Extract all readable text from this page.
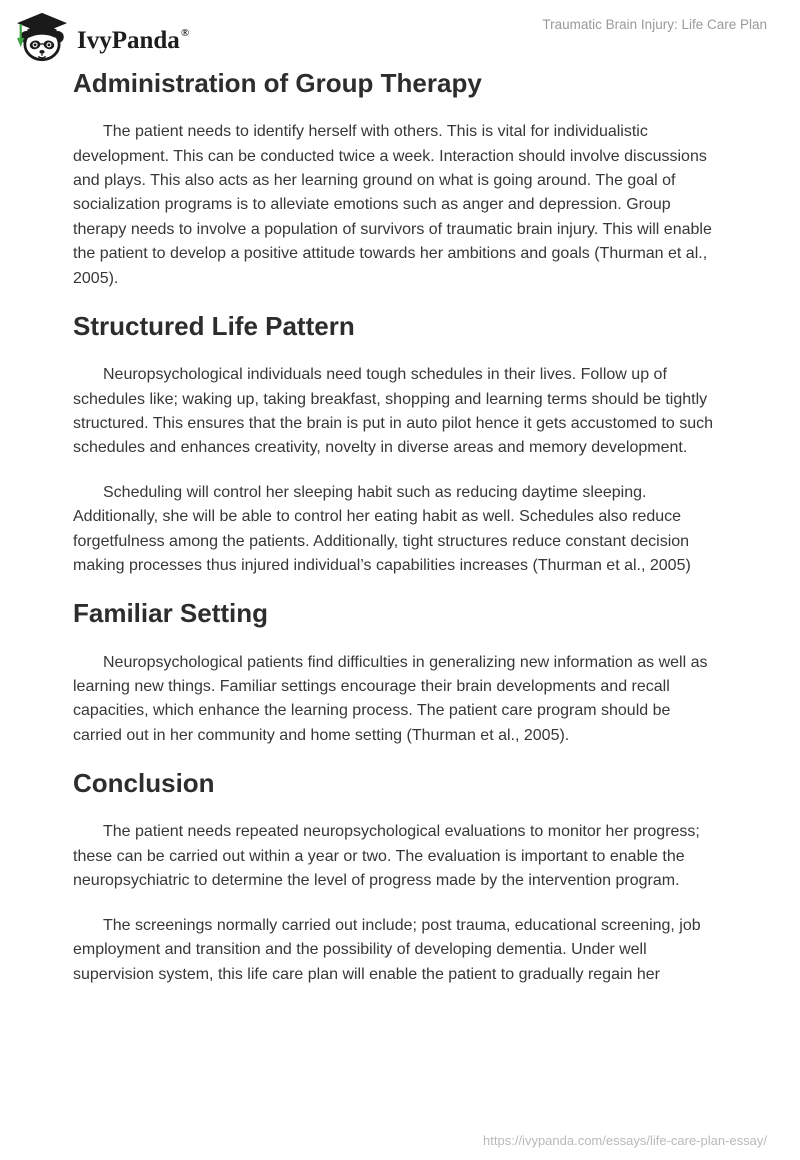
IvyPanda®
Traumatic Brain Injury: Life Care Plan
Administration of Group Therapy

The patient needs to identify herself with others. This is vital for individualistic development. This can be conducted twice a week. Interaction should involve discussions and plays. This also acts as her learning ground on what is going around. The goal of socialization programs is to alleviate emotions such as anger and depression. Group therapy needs to involve a population of survivors of traumatic brain injury. This will enable the patient to develop a positive attitude towards her ambitions and goals (Thurman et al., 2005).

Structured Life Pattern

Neuropsychological individuals need tough schedules in their lives. Follow up of schedules like; waking up, taking breakfast, shopping and learning terms should be tightly structured. This ensures that the brain is put in auto pilot hence it gets accustomed to such schedules and enhances creativity, novelty in diverse areas and memory development.

Scheduling will control her sleeping habit such as reducing daytime sleeping. Additionally, she will be able to control her eating habit as well. Schedules also reduce forgetfulness among the patients. Additionally, tight structures reduce constant decision making processes thus injured individual’s capabilities increases (Thurman et al., 2005)

Familiar Setting

Neuropsychological patients find difficulties in generalizing new information as well as learning new things. Familiar settings encourage their brain developments and recall capacities, which enhance the learning process. The patient care program should be carried out in her community and home setting (Thurman et al., 2005).

Conclusion

The patient needs repeated neuropsychological evaluations to monitor her progress; these can be carried out within a year or two. The evaluation is important to enable the neuropsychiatric to determine the level of progress made by the intervention program.

The screenings normally carried out include; post trauma, educational screening, job employment and transition and the possibility of developing dementia. Under well supervision system, this life care plan will enable the patient to gradually regain her

https://ivypanda.com/essays/life-care-plan-essay/
